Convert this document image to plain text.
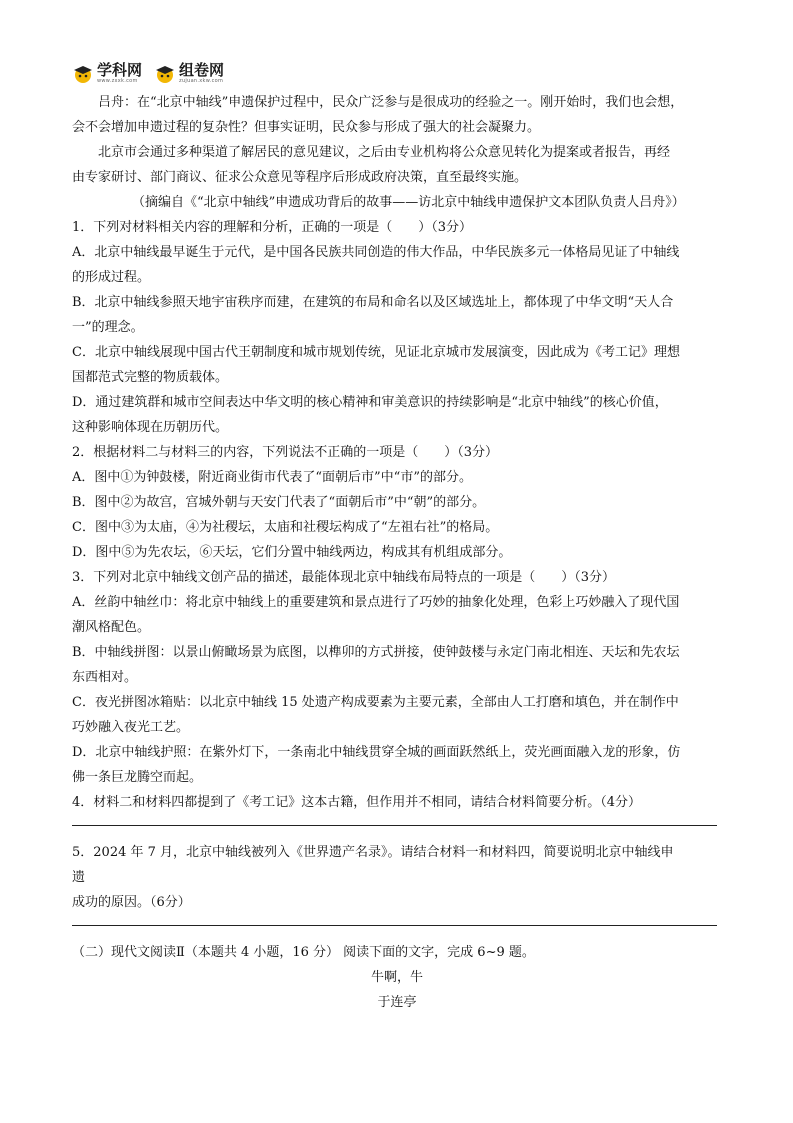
学科网
www.zxxk.com
组卷网
zujuan.xkw.com
吕舟：在“北京中轴线”申遗保护过程中，民众广泛参与是很成功的经验之一。刚开始时，我们也会想，
会不会增加申遗过程的复杂性？但事实证明，民众参与形成了强大的社会凝聚力。
北京市会通过多种渠道了解居民的意见建议，之后由专业机构将公众意见转化为提案或者报告，再经
由专家研讨、部门商议、征求公众意见等程序后形成政府决策，直至最终实施。
（摘编自《“北京中轴线”申遗成功背后的故事——访北京中轴线申遗保护文本团队负责人吕舟》）
1．下列对材料相关内容的理解和分析，正确的一项是（　　）（3分）
A．北京中轴线最早诞生于元代，是中国各民族共同创造的伟大作品，中华民族多元一体格局见证了中轴线
的形成过程。
B．北京中轴线参照天地宇宙秩序而建，在建筑的布局和命名以及区域选址上，都体现了中华文明“天人合
一”的理念。
C．北京中轴线展现中国古代王朝制度和城市规划传统，见证北京城市发展演变，因此成为《考工记》理想
国都范式完整的物质载体。
D．通过建筑群和城市空间表达中华文明的核心精神和审美意识的持续影响是“北京中轴线”的核心价值，
这种影响体现在历朝历代。
2．根据材料二与材料三的内容，下列说法不正确的一项是（　　）（3分）
A．图中①为钟鼓楼，附近商业街市代表了“面朝后市”中“市”的部分。
B．图中②为故宫，宫城外朝与天安门代表了“面朝后市”中“朝”的部分。
C．图中③为太庙，④为社稷坛，太庙和社稷坛构成了“左祖右社”的格局。
D．图中⑤为先农坛，⑥天坛，它们分置中轴线两边，构成其有机组成部分。
3．下列对北京中轴线文创产品的描述，最能体现北京中轴线布局特点的一项是（　　）（3分）
A．丝韵中轴丝巾：将北京中轴线上的重要建筑和景点进行了巧妙的抽象化处理，色彩上巧妙融入了现代国
潮风格配色。
B．中轴线拼图：以景山俯瞰场景为底图，以榫卯的方式拼接，使钟鼓楼与永定门南北相连、天坛和先农坛
东西相对。
C．夜光拼图冰箱贴：以北京中轴线 15 处遗产构成要素为主要元素，全部由人工打磨和填色，并在制作中
巧妙融入夜光工艺。
D．北京中轴线护照：在紫外灯下，一条南北中轴线贯穿全城的画面跃然纸上，荧光画面融入龙的形象，仿
佛一条巨龙腾空而起。
4．材料二和材料四都提到了《考工记》这本古籍，但作用并不相同，请结合材料简要分析。（4分）
5．2024 年 7 月，北京中轴线被列入《世界遗产名录》。请结合材料一和材料四，简要说明北京中轴线申
遗
成功的原因。（6分）
（二）现代文阅读Ⅱ（本题共 4 小题，16 分） 阅读下面的文字，完成 6~9 题。
牛啊，牛
于连亭
